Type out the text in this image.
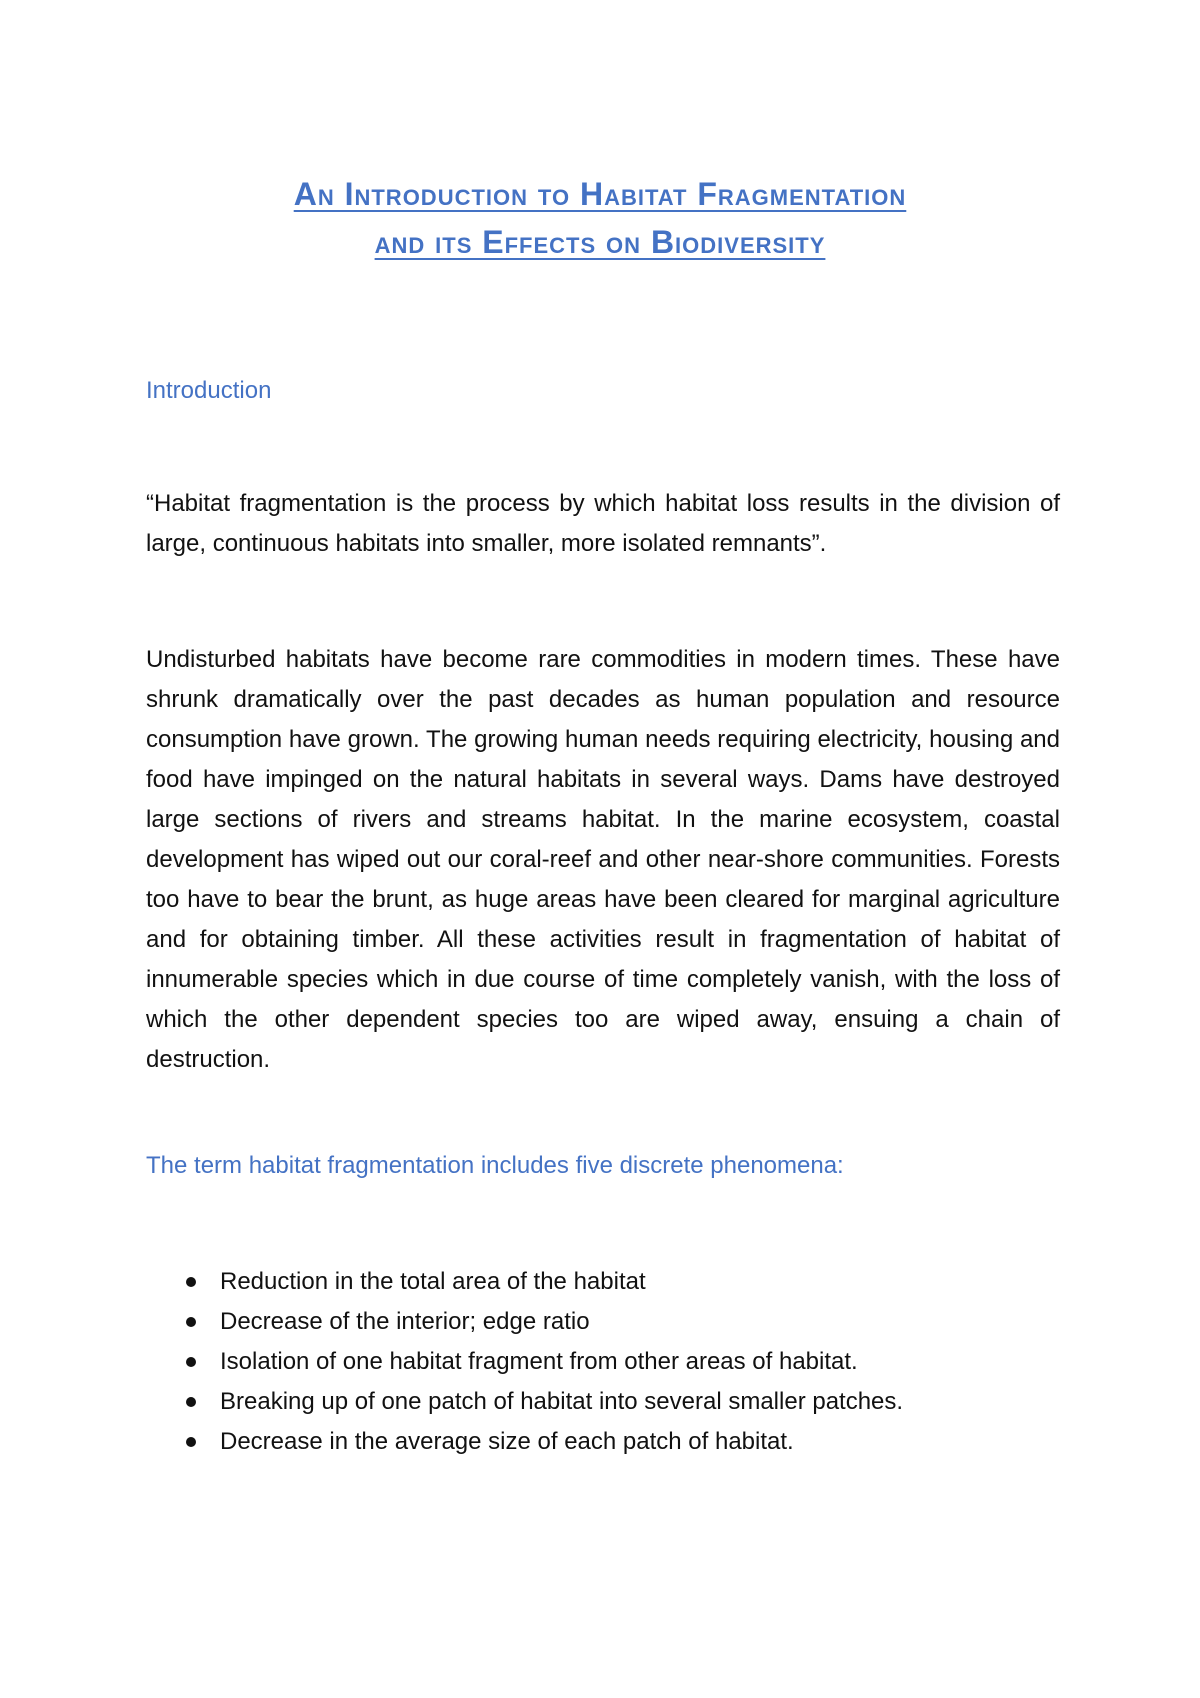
An Introduction to Habitat Fragmentation
and its Effects on Biodiversity
Introduction
“Habitat fragmentation is the process by which habitat loss results in the division of large, continuous habitats into smaller, more isolated remnants”.
Undisturbed habitats have become rare commodities in modern times. These have shrunk dramatically over the past decades as human population and resource consumption have grown. The growing human needs requiring electricity, housing and food have impinged on the natural habitats in several ways. Dams have destroyed large sections of rivers and streams habitat. In the marine ecosystem, coastal development has wiped out our coral-reef and other near-shore communities. Forests too have to bear the brunt, as huge areas have been cleared for marginal agriculture and for obtaining timber. All these activities result in fragmentation of habitat of innumerable species which in due course of time completely vanish, with the loss of which the other dependent species too are wiped away, ensuing a chain of destruction.
The term habitat fragmentation includes five discrete phenomena:
Reduction in the total area of the habitat
Decrease of the interior; edge ratio
Isolation of one habitat fragment from other areas of habitat.
Breaking up of one patch of habitat into several smaller patches.
Decrease in the average size of each patch of habitat.
